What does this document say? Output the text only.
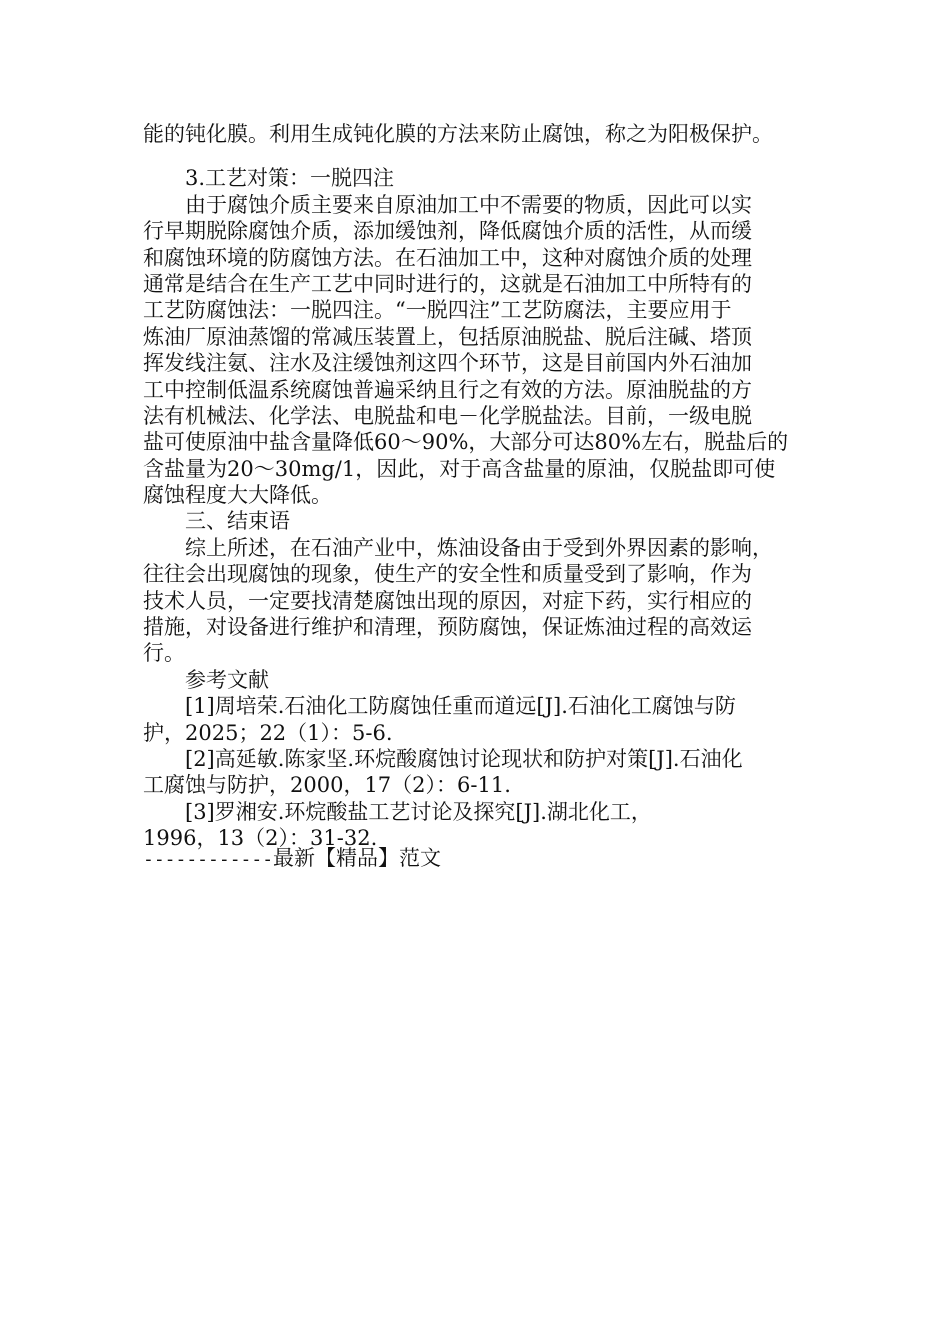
能的钝化膜。利用生成钝化膜的方法来防止腐蚀，称之为阳极保护。
3.工艺对策：一脱四注
由于腐蚀介质主要来自原油加工中不需要的物质，因此可以实
行早期脱除腐蚀介质，添加缓蚀剂，降低腐蚀介质的活性，从而缓
和腐蚀环境的防腐蚀方法。在石油加工中，这种对腐蚀介质的处理
通常是结合在生产工艺中同时进行的，这就是石油加工中所特有的
工艺防腐蚀法：一脱四注。“一脱四注”工艺防腐法，主要应用于
炼油厂原油蒸馏的常减压装置上，包括原油脱盐、脱后注碱、塔顶
挥发线注氨、注水及注缓蚀剂这四个环节，这是目前国内外石油加
工中控制低温系统腐蚀普遍采纳且行之有效的方法。原油脱盐的方
法有机械法、化学法、电脱盐和电－化学脱盐法。目前，一级电脱
盐可使原油中盐含量降低60～90%，大部分可达80%左右，脱盐后的
含盐量为20～30mg/1，因此，对于高含盐量的原油，仅脱盐即可使
腐蚀程度大大降低。
三、结束语
综上所述，在石油产业中，炼油设备由于受到外界因素的影响，
往往会出现腐蚀的现象，使生产的安全性和质量受到了影响，作为
技术人员，一定要找清楚腐蚀出现的原因，对症下药，实行相应的
措施，对设备进行维护和清理，预防腐蚀，保证炼油过程的高效运
行。
参考文献
[1]周培荣.石油化工防腐蚀任重而道远[J].石油化工腐蚀与防
护，2025；22（1）：5-6.
[2]高延敏.陈家坚.环烷酸腐蚀讨论现状和防护对策[J].石油化
工腐蚀与防护，2000，17（2）：6-11.
[3]罗湘安.环烷酸盐工艺讨论及探究[J].湖北化工，
1996，13（2）：31-32.
------------最新【精品】范文
